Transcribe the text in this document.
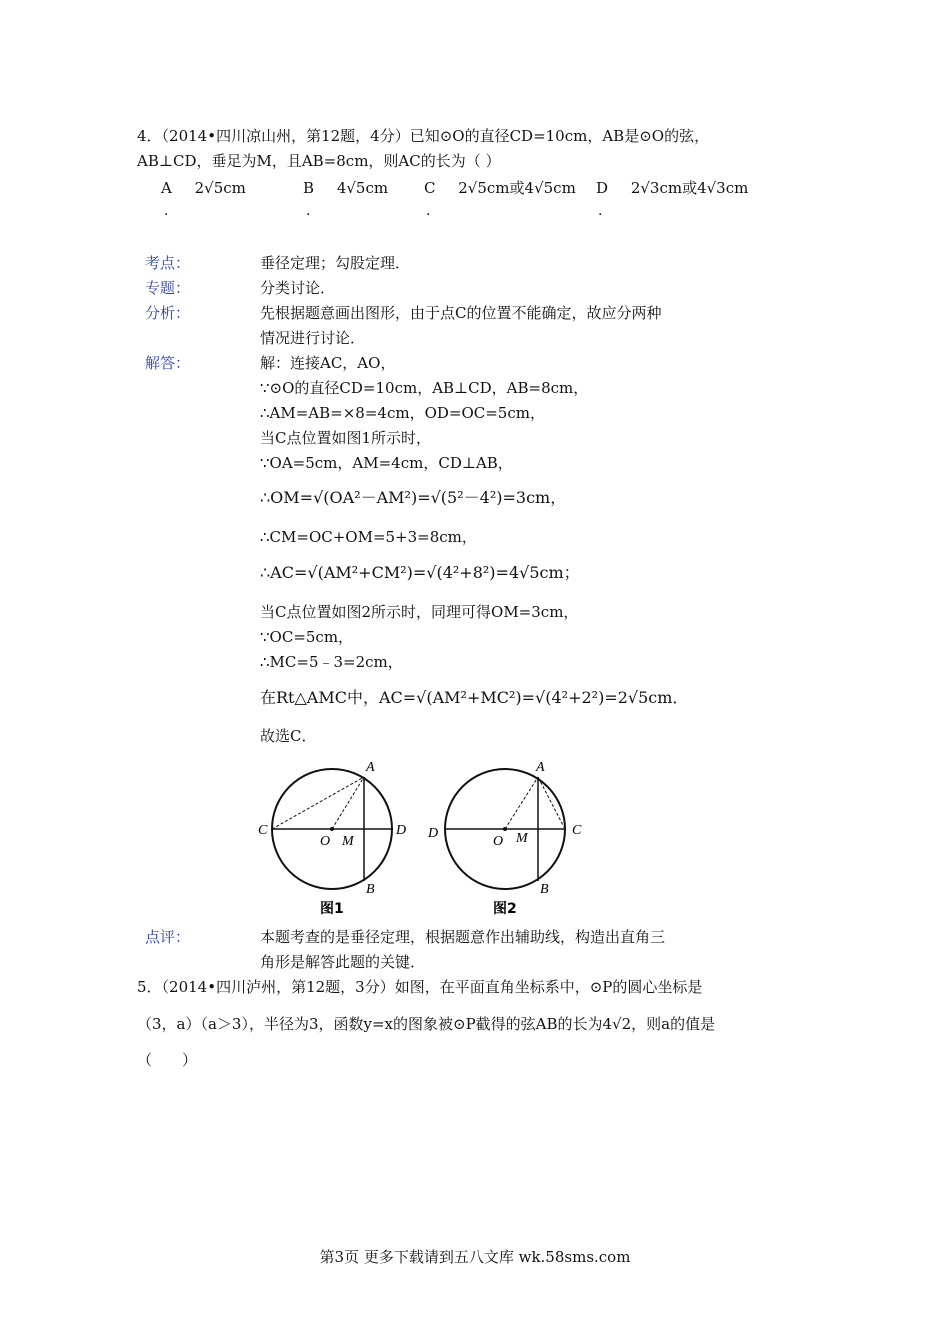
4．（2014•四川凉山州，第12题，4分）已知⊙O的直径CD=10cm，AB是⊙O的弦，
AB⊥CD，垂足为M，且AB=8cm，则AC的长为（ ）
A 2√5cm	B 4√5cm C 2√5cm或4√5cm D 2√3cm或4√3cm
.	.	.	.
考点：	垂径定理；勾股定理．
专题：	分类讨论．
分析：	先根据题意画出图形，由于点C的位置不能确定，故应分两种
情况进行讨论．
解答：	解：连接AC，AO，
∵⊙O的直径CD=10cm，AB⊥CD，AB=8cm，
∴AM=AB=×8=4cm，OD=OC=5cm，
当C点位置如图1所示时，
∵OA=5cm，AM=4cm，CD⊥AB，
∴OM=√(OA²－AM²)=√(5²－4²)=3cm，
∴CM=OC+OM=5+3=8cm，
∴AC=√(AM²+CM²)=√(4²+8²)=4√5cm；
当C点位置如图2所示时，同理可得OM=3cm，
∵OC=5cm，
∴MC=5﹣3=2cm，
在Rt△AMC中，AC=√(AM²+MC²)=√(4²+2²)=2√5cm．
故选C．
A
C
O M
D
B
图1
A
D
O M
C
B
图2
点评：	本题考查的是垂径定理，根据题意作出辅助线，构造出直角三
角形是解答此题的关键．
5．（2014•四川泸州，第12题，3分）如图，在平面直角坐标系中，⊙P的圆心坐标是
（3，a）（a＞3），半径为3，函数y=x的图象被⊙P截得的弦AB的长为4√2，则a的值是
（　　）
第3页 更多下载请到五八文库 wk.58sms.com
